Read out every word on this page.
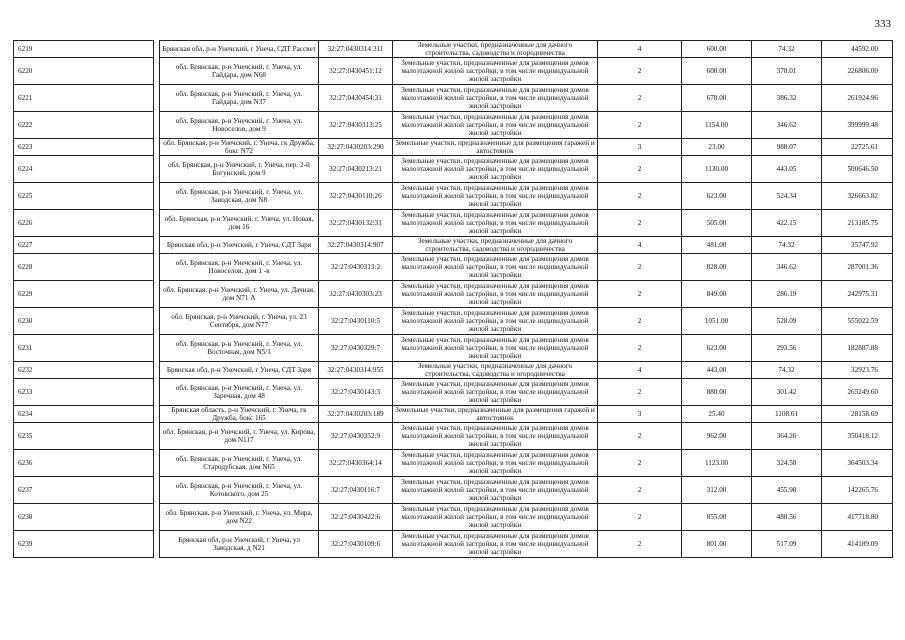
333
6219		Брянская обл, р-н Унечский, г Унеча, СДТ Рассвет	32:27:0430314:311	Земельные участки, предназначенные для дачного строительства, садоводства и огородничества	4	600.00	74.32	44592.00
6220		обл. Брянская, р-н Унечский, г. Унеча, ул. Гайдара, дом N68	32:27:0430451:12	Земельные участки, предназначенные для размещения домов малоэтажной жилой застройки, в том числе индивидуальной жилой застройки	2	600.00	378.01	226806.00
6221		обл. Брянская, р-н Унечский, г. Унеча, ул. Гайдара, дом N37	32:27:0430454:31	Земельные участки, предназначенные для размещения домов малоэтажной жилой застройки, в том числе индивидуальной жилой застройки	2	678.00	386.32	261924.96
6222		обл. Брянская, р-н Унечский, г. Унеча, ул. Новоселов, дом 9	32:27:0430313:25	Земельные участки, предназначенные для размещения домов малоэтажной жилой застройки, в том числе индивидуальной жилой застройки	2	1154.00	346.62	399999.48
6223		обл. Брянская, р-н Унечский, г. Унеча, гк Дружба, бокс N72	32:27:0430203:290	Земельные участки, предназначенные для размещения гаражей и автостоянок	3	23.00	988.07	22725.61
6224		обл. Брянская, р-н Унечский, г. Унеча, пер. 2-й Богунский, дом 9	32:27:0430213:21	Земельные участки, предназначенные для размещения домов малоэтажной жилой застройки, в том числе индивидуальной жилой застройки	2	1130.00	443.05	500646.50
6225		обл. Брянская, р-н Унечский, г. Унеча, ул. Заводская, дом N8	32:27:0430110:26	Земельные участки, предназначенные для размещения домов малоэтажной жилой застройки, в том числе индивидуальной жилой застройки	2	623.00	524.34	326663.82
6226		обл. Брянская, р-н Унечский, г. Унеча, ул. Новая, дом 16	32:27:0430132:31	Земельные участки, предназначенные для размещения домов малоэтажной жилой застройки, в том числе индивидуальной жилой застройки	2	505.00	422.15	213185.75
6227		Брянская обл, р-н Унечский, г Унеча, СДТ Заря	32:27:0430314:907	Земельные участки, предназначенные для дачного строительства, садоводства и огородничества	4	481.00	74.32	35747.92
6228		обл. Брянская, р-н Унечский, г. Унеча, ул. Новоселов, дом 1 -в	32:27:0430313:2	Земельные участки, предназначенные для размещения домов малоэтажной жилой застройки, в том числе индивидуальной жилой застройки	2	828.00	346.62	287001.36
6229		обл. Брянская, р-н Унечский, г. Унеча, ул. Дачная, дом N71 А	32:27:0430303:23	Земельные участки, предназначенные для размещения домов малоэтажной жилой застройки, в том числе индивидуальной жилой застройки	2	849.00	286.19	242975.31
6230		обл. Брянская, р-н Унечский, г. Унеча, ул. 23 Сентября, дом N77	32:27:0430110:5	Земельные участки, предназначенные для размещения домов малоэтажной жилой застройки, в том числе индивидуальной жилой застройки	2	1051.00	528.09	555022.59
6231		обл. Брянская, р-н Унечский, г. Унеча, ул. Восточная, дом N5/1	32:27:0430329:7	Земельные участки, предназначенные для размещения домов малоэтажной жилой застройки, в том числе индивидуальной жилой застройки	2	623.00	293.56	182887.88
6232		Брянская обл, р-н Унечский, г Унеча, СДТ Заря	32:27:0430314:955	Земельные участки, предназначенные для дачного строительства, садоводства и огородничества	4	443.00	74.32	32923.76
6233		обл. Брянская, р-н Унечский, г. Унеча, ул. Заречная, дом 48	32:27:0430143:3	Земельные участки, предназначенные для размещения домов малоэтажной жилой застройки, в том числе индивидуальной жилой застройки	2	880.00	301.42	265249.60
6234		Брянская область, р-н Унечский, г. Унеча, гк Дружба, бокс 165	32:27:0430203:189	Земельные участки, предназначенные для размещения гаражей и автостоянок	3	25.40	1108.61	28158.69
6235		обл. Брянская, р-н Унечский, г. Унеча, ул. Кирова, дом N117	32:27:0430352:9	Земельные участки, предназначенные для размещения домов малоэтажной жилой застройки, в том числе индивидуальной жилой застройки	2	962.00	364.26	350418.12
6236		обл. Брянская, р-н Унечский, г. Унеча, ул. Стародубская, дом N65	32:27:0430364:14	Земельные участки, предназначенные для размещения домов малоэтажной жилой застройки, в том числе индивидуальной жилой застройки	2	1123.00	324.58	364503.34
6237		обл. Брянская, р-н Унечский, г. Унеча, ул. Котовского, дом 25	32:27:0430116:7	Земельные участки, предназначенные для размещения домов малоэтажной жилой застройки, в том числе индивидуальной жилой застройки	2	312.00	455.98	142265.76
6238		обл. Брянская, р-н Унечский, г. Унеча, ул. Мира, дом N22	32:27:0430422:6	Земельные участки, предназначенные для размещения домов малоэтажной жилой застройки, в том числе индивидуальной жилой застройки	2	855.00	488.56	417718.80
6239		Брянская обл, р-н Унечский, г Унеча, ул Заводская, д N21	32:27:0430109:6	Земельные участки, предназначенные для размещения домов малоэтажной жилой застройки, в том числе индивидуальной жилой застройки	2	801.00	517.09	414189.09
